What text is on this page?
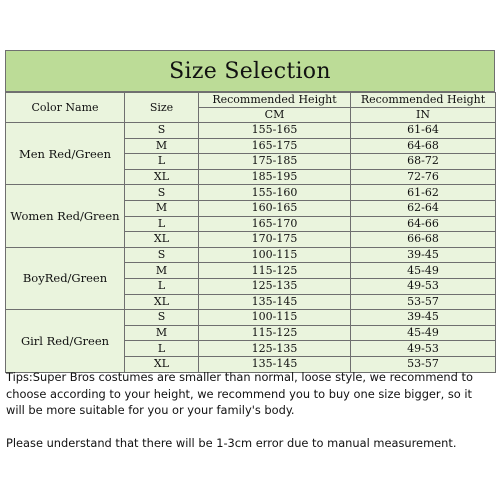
Size Selection
Color Name	Size	Recommended Height	Recommended Height
		CM	IN
Men Red/Green	S	155-165	61-64
	M	165-175	64-68
	L	175-185	68-72
	XL	185-195	72-76
Women Red/Green	S	155-160	61-62
	M	160-165	62-64
	L	165-170	64-66
	XL	170-175	66-68
BoyRed/Green	S	100-115	39-45
	M	115-125	45-49
	L	125-135	49-53
	XL	135-145	53-57
Girl Red/Green	S	100-115	39-45
	M	115-125	45-49
	L	125-135	49-53
	XL	135-145	53-57

Tips:Super Bros costumes are smaller than normal, loose style, we recommend to choose according to your height, we recommend you to buy one size bigger, so it will be more suitable for you or your family's body.

Please understand that there will be 1-3cm error due to manual measurement.
